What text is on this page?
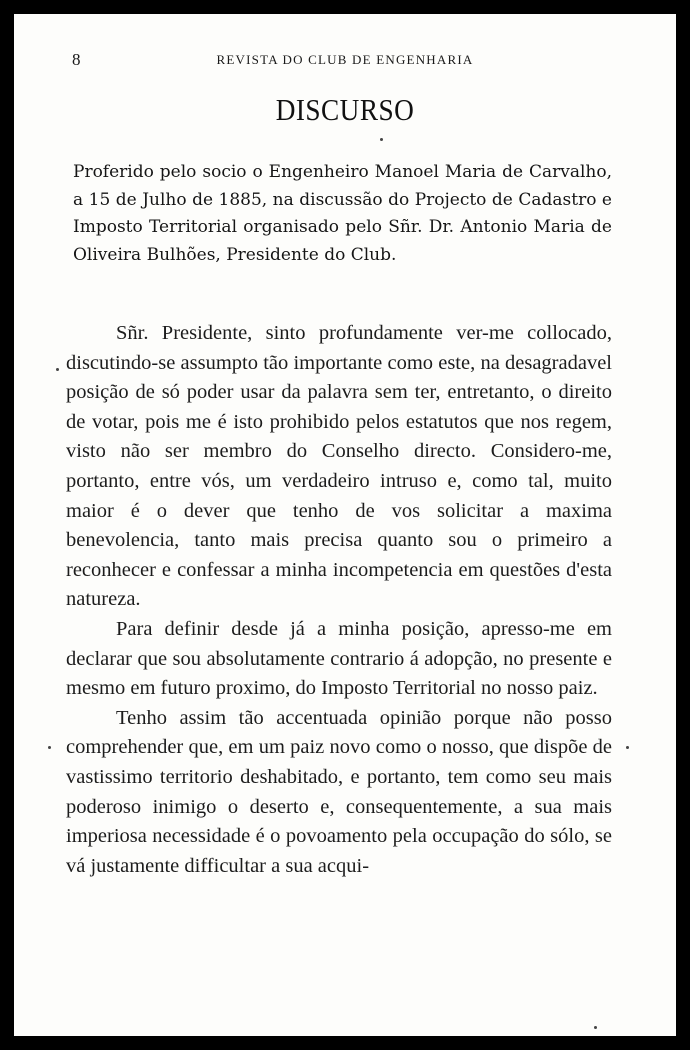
8	REVISTA DO CLUB DE ENGENHARIA
DISCURSO

Proferido pelo socio o Engenheiro Manoel Maria de Carvalho, a 15 de Julho de 1885, na discussão do Projecto de Cadastro e Imposto Territorial organisado pelo Sñr. Dr. Antonio Maria de Oliveira Bulhões, Presidente do Club.

Sñr. Presidente, sinto profundamente ver-me collocado, discutindo-se assumpto tão importante como este, na desagradavel posição de só poder usar da palavra sem ter, entretanto, o direito de votar, pois me é isto prohibido pelos estatutos que nos regem, visto não ser membro do Conselho directo. Considero-me, portanto, entre vós, um verdadeiro intruso e, como tal, muito maior é o dever que tenho de vos solicitar a maxima benevolencia, tanto mais precisa quanto sou o primeiro a reconhecer e confessar a minha incompetencia em questões d'esta natureza.

Para definir desde já a minha posição, apresso-me em declarar que sou absolutamente contrario á adopção, no presente e mesmo em futuro proximo, do Imposto Territorial no nosso paiz.

Tenho assim tão accentuada opinião porque não posso comprehender que, em um paiz novo como o nosso, que dispõe de vastissimo territorio deshabitado, e portanto, tem como seu mais poderoso inimigo o deserto e, consequentemente, a sua mais imperiosa necessidade é o povoamento pela occupação do sólo, se vá justamente difficultar a sua acqui-
